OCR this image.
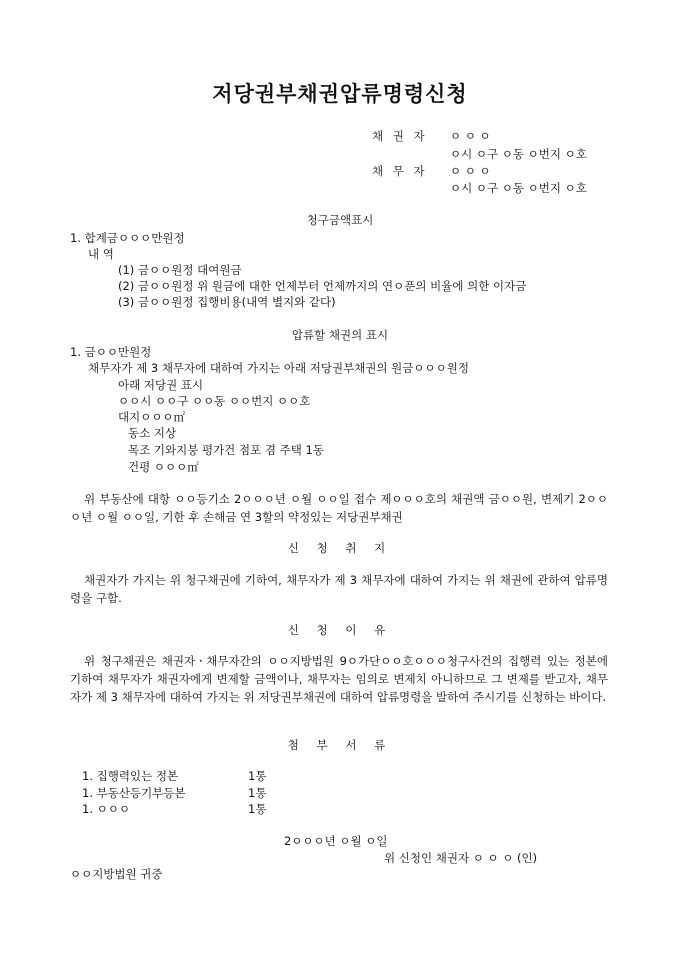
저당권부채권압류명령신청
채 권 자 ㅇ ㅇ ㅇ
ㅇ시 ㅇ구 ㅇ동 ㅇ번지 ㅇ호
채 무 자 ㅇ ㅇ ㅇ
ㅇ시 ㅇ구 ㅇ동 ㅇ번지 ㅇ호
청구금액표시
1. 합계금ㅇㅇㅇ만원정
내 역
(1) 금ㅇㅇ원정 대여원금
(2) 금ㅇㅇ원정 위 원금에 대한 언제부터 언제까지의 연ㅇ푼의 비율에 의한 이자금
(3) 금ㅇㅇ원정 집행비용(내역 별지와 같다)
압류할 채권의 표시
1. 금ㅇㅇ만원정
채무자가 제 3 채무자에 대하여 가지는 아래 저당권부채권의 원금ㅇㅇㅇ원정
아래 저당권 표시
ㅇㅇ시 ㅇㅇ구 ㅇㅇ동 ㅇㅇ번지 ㅇㅇ호
대지ㅇㅇㅇ㎡
동소 지상
목조 기와지붕 평가건 점포 겸 주택 1동
건평 ㅇㅇㅇ㎡
위 부동산에 대항 ㅇㅇ등기소 2ㅇㅇㅇ년 ㅇ월 ㅇㅇ일 접수 제ㅇㅇㅇ호의 채권액 금ㅇㅇ원, 변제기 2ㅇㅇㅇ년 ㅇ월 ㅇㅇ일, 기한 후 손해금 연 3할의 약정있는 저당권부채권
신 청 취 지
채권자가 가지는 위 청구채권에 기하여, 채무자가 제 3 채무자에 대하여 가지는 위 채권에 관하여 압류명령을 구함.
신 청 이 유
위 청구채권은 채권자ㆍ채무자간의 ㅇㅇ지방법원 9ㅇ가단ㅇㅇ호ㅇㅇㅇ청구사건의 집행력 있는 정본에 기하여 채무자가 채권자에게 변제할 금액이나, 채무자는 임의로 변제치 아니하므로 그 변제를 받고자, 채무자가 제 3 채무자에 대하여 가지는 위 저당권부채권에 대하여 압류명령을 발하여 주시기를 신청하는 바이다.
첨 부 서 류
1. 집행력있는 정본	1통
1. 부동산등기부등본	1통
1. ㅇㅇㅇ	1통
2ㅇㅇㅇ년 ㅇ월 ㅇ일
위 신청인 채권자 ㅇ ㅇ ㅇ (인)
ㅇㅇ지방법원 귀중
